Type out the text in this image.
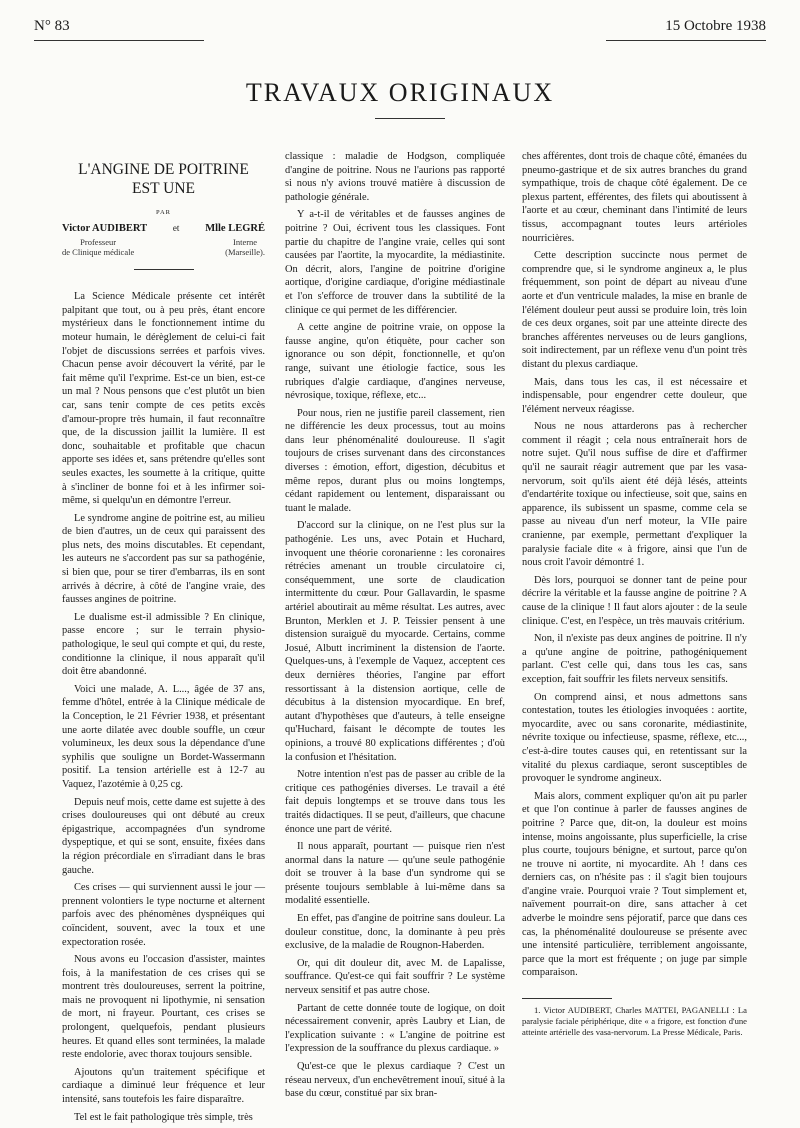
N° 83	15 Octobre 1938
TRAVAUX ORIGINAUX
L'ANGINE DE POITRINE
EST UNE
PAR
Victor AUDIBERT	et Mlle LEGRÉ
Professeur
de Clinique médicale
Interne
(Marseille).

La Science Médicale présente cet intérêt palpitant que tout, ou à peu près, étant encore mystérieux dans le fonctionnement intime du moteur humain, le dérèglement de celui-ci fait l'objet de discussions serrées et parfois vives. Chacun pense avoir découvert la vérité, par le fait même qu'il l'exprime. Est-ce un bien, est-ce un mal ? Nous pensons que c'est plutôt un bien car, sans tenir compte de ces petits excès d'amour-propre très humain, il faut reconnaître que, de la discussion jaillit la lumière. Il est donc, souhaitable et profitable que chacun apporte ses idées et, sans prétendre qu'elles sont seules exactes, les soumette à la critique, quitte à s'incliner de bonne foi et à les infirmer soi-même, si quelqu'un en démontre l'erreur.

Le syndrome angine de poitrine est, au milieu de bien d'autres, un de ceux qui paraissent des plus nets, des moins discutables. Et cependant, les auteurs ne s'accordent pas sur sa pathogénie, si bien que, pour se tirer d'embarras, ils en sont arrivés à décrire, à côté de l'angine vraie, des fausses angines de poitrine.

Le dualisme est-il admissible ? En clinique, passe encore ; sur le terrain physio-pathologique, le seul qui compte et qui, du reste, conditionne la clinique, il nous apparaît qu'il doit être abandonné.

Voici une malade, A. L..., âgée de 37 ans, femme d'hôtel, entrée à la Clinique médicale de la Conception, le 21 Février 1938, et présentant une aorte dilatée avec double souffle, un cœur volumineux, les deux sous la dépendance d'une syphilis que souligne un Bordet-Wassermann positif. La tension artérielle est à 12-7 au Vaquez, l'azotémie à 0,25 cg.

Depuis neuf mois, cette dame est sujette à des crises douloureuses qui ont débuté au creux épigastrique, accompagnées d'un syndrome dyspeptique, et qui se sont, ensuite, fixées dans la région précordiale en s'irradiant dans le bras gauche.

Ces crises — qui surviennent aussi le jour — prennent volontiers le type nocturne et alternent parfois avec des phénomènes dyspnéiques qui coïncident, souvent, avec la toux et une expectoration rosée.

Nous avons eu l'occasion d'assister, maintes fois, à la manifestation de ces crises qui se montrent très douloureuses, serrent la poitrine, mais ne provoquent ni lipothymie, ni sensation de mort, ni frayeur. Pourtant, ces crises se prolongent, quelquefois, pendant plusieurs heures. Et quand elles sont terminées, la malade reste endolorie, avec thorax toujours sensible.

Ajoutons qu'un traitement spécifique et cardiaque a diminué leur fréquence et leur intensité, sans toutefois les faire disparaître.

Tel est le fait pathologique très simple, très

classique : maladie de Hodgson, compliquée d'angine de poitrine. Nous ne l'aurions pas rapporté si nous n'y avions trouvé matière à discussion de pathologie générale.

Y a-t-il de véritables et de fausses angines de poitrine ? Oui, écrivent tous les classiques. Font partie du chapitre de l'angine vraie, celles qui sont causées par l'aortite, la myocardite, la médiastinite. On décrit, alors, l'angine de poitrine d'origine aortique, d'origine cardiaque, d'origine médiastinale et l'on s'efforce de trouver dans la subtilité de la clinique ce qui permet de les différencier.

A cette angine de poitrine vraie, on oppose la fausse angine, qu'on étiquète, pour cacher son ignorance ou son dépit, fonctionnelle, et qu'on range, suivant une étiologie factice, sous les rubriques d'algie cardiaque, d'angines nerveuse, névrosique, toxique, réflexe, etc...

Pour nous, rien ne justifie pareil classement, rien ne différencie les deux processus, tout au moins dans leur phénoménalité douloureuse. Il s'agit toujours de crises survenant dans des circonstances diverses : émotion, effort, digestion, décubitus et même repos, durant plus ou moins longtemps, cédant rapidement ou lentement, disparaissant ou tuant le malade.

D'accord sur la clinique, on ne l'est plus sur la pathogénie. Les uns, avec Potain et Huchard, invoquent une théorie coronarienne : les coronaires rétrécies amenant un trouble circulatoire ci, conséquemment, une sorte de claudication intermittente du cœur. Pour Gallavardin, le spasme artériel aboutirait au même résultat. Les autres, avec Brunton, Merklen et J. P. Teissier pensent à une distension suraiguë du myocarde. Certains, comme Josué, Albutt incriminent la distension de l'aorte. Quelques-uns, à l'exemple de Vaquez, acceptent ces deux dernières théories, l'angine par effort ressortissant à la distension aortique, celle de décubitus à la distension myocardique. En bref, autant d'hypothèses que d'auteurs, à telle enseigne qu'Huchard, faisant le décompte de toutes les opinions, a trouvé 80 explications différentes ; d'où la confusion et l'hésitation.

Notre intention n'est pas de passer au crible de la critique ces pathogénies diverses. Le travail a été fait depuis longtemps et se trouve dans tous les traités didactiques. Il se peut, d'ailleurs, que chacune énonce une part de vérité.

Il nous apparaît, pourtant — puisque rien n'est anormal dans la nature — qu'une seule pathogénie doit se trouver à la base d'un syndrome qui se présente toujours semblable à lui-même dans sa modalité essentielle.

En effet, pas d'angine de poitrine sans douleur. La douleur constitue, donc, la dominante à peu près exclusive, de la maladie de Rougnon-Haberden.

Or, qui dit douleur dit, avec M. de Lapalisse, souffrance. Qu'est-ce qui fait souffrir ? Le système nerveux sensitif et pas autre chose.

Partant de cette donnée toute de logique, on doit nécessairement convenir, après Laubry et Lian, de l'explication suivante : « L'angine de poitrine est l'expression de la souffrance du plexus cardiaque. »

Qu'est-ce que le plexus cardiaque ? C'est un réseau nerveux, d'un enchevêtrement inouï, situé à la base du cœur, constitué par six bran-

ches afférentes, dont trois de chaque côté, émanées du pneumo-gastrique et de six autres branches du grand sympathique, trois de chaque côté également. De ce plexus partent, efférentes, des filets qui aboutissent à l'aorte et au cœur, cheminant dans l'intimité de leurs tissus, accompagnant toutes leurs artérioles nourricières.

Cette description succincte nous permet de comprendre que, si le syndrome angineux a, le plus fréquemment, son point de départ au niveau d'une aorte et d'un ventricule malades, la mise en branle de l'élément douleur peut aussi se produire loin, très loin de ces deux organes, soit par une atteinte directe des branches afférentes nerveuses ou de leurs ganglions, soit indirectement, par un réflexe venu d'un point très distant du plexus cardiaque.

Mais, dans tous les cas, il est nécessaire et indispensable, pour engendrer cette douleur, que l'élément nerveux réagisse.

Nous ne nous attarderons pas à rechercher comment il réagit ; cela nous entraînerait hors de notre sujet. Qu'il nous suffise de dire et d'affirmer qu'il ne saurait réagir autrement que par les vasa-nervorum, soit qu'ils aient été déjà lésés, atteints d'endartérite toxique ou infectieuse, soit que, sains en apparence, ils subissent un spasme, comme cela se passe au niveau d'un nerf moteur, la VIIe paire cranienne, par exemple, permettant d'expliquer la paralysie faciale dite « à frigore, ainsi que l'un de nous croit l'avoir démontré 1.

Dès lors, pourquoi se donner tant de peine pour décrire la véritable et la fausse angine de poitrine ? A cause de la clinique ! Il faut alors ajouter : de la seule clinique. C'est, en l'espèce, un très mauvais critérium.

Non, il n'existe pas deux angines de poitrine. Il n'y a qu'une angine de poitrine, pathogéniquement parlant. C'est celle qui, dans tous les cas, sans exception, fait souffrir les filets nerveux sensitifs.

On comprend ainsi, et nous admettons sans contestation, toutes les étiologies invoquées : aortite, myocardite, avec ou sans coronarite, médiastinite, névrite toxique ou infectieuse, spasme, réflexe, etc..., c'est-à-dire toutes causes qui, en retentissant sur la vitalité du plexus cardiaque, seront susceptibles de provoquer le syndrome angineux.

Mais alors, comment expliquer qu'on ait pu parler et que l'on continue à parler de fausses angines de poitrine ? Parce que, dit-on, la douleur est moins intense, moins angoissante, plus superficielle, la crise plus courte, toujours bénigne, et surtout, parce qu'on ne trouve ni aortite, ni myocardite. Ah ! dans ces derniers cas, on n'hésite pas : il s'agit bien toujours d'angine vraie. Pourquoi vraie ? Tout simplement et, naïvement pourrait-on dire, sans attacher à cet adverbe le moindre sens péjoratif, parce que dans ces cas, la phénoménalité douloureuse se présente avec une intensité particulière, terriblement angoissante, parce que la mort est fréquente ; on juge par simple comparaison.

1. Victor AUDIBERT, Charles MATTEI, PAGANELLI : La paralysie faciale périphérique, dite « a frigore, est fonction d'une atteinte artérielle des vasa-nervorum. La Presse Médicale, Paris.
